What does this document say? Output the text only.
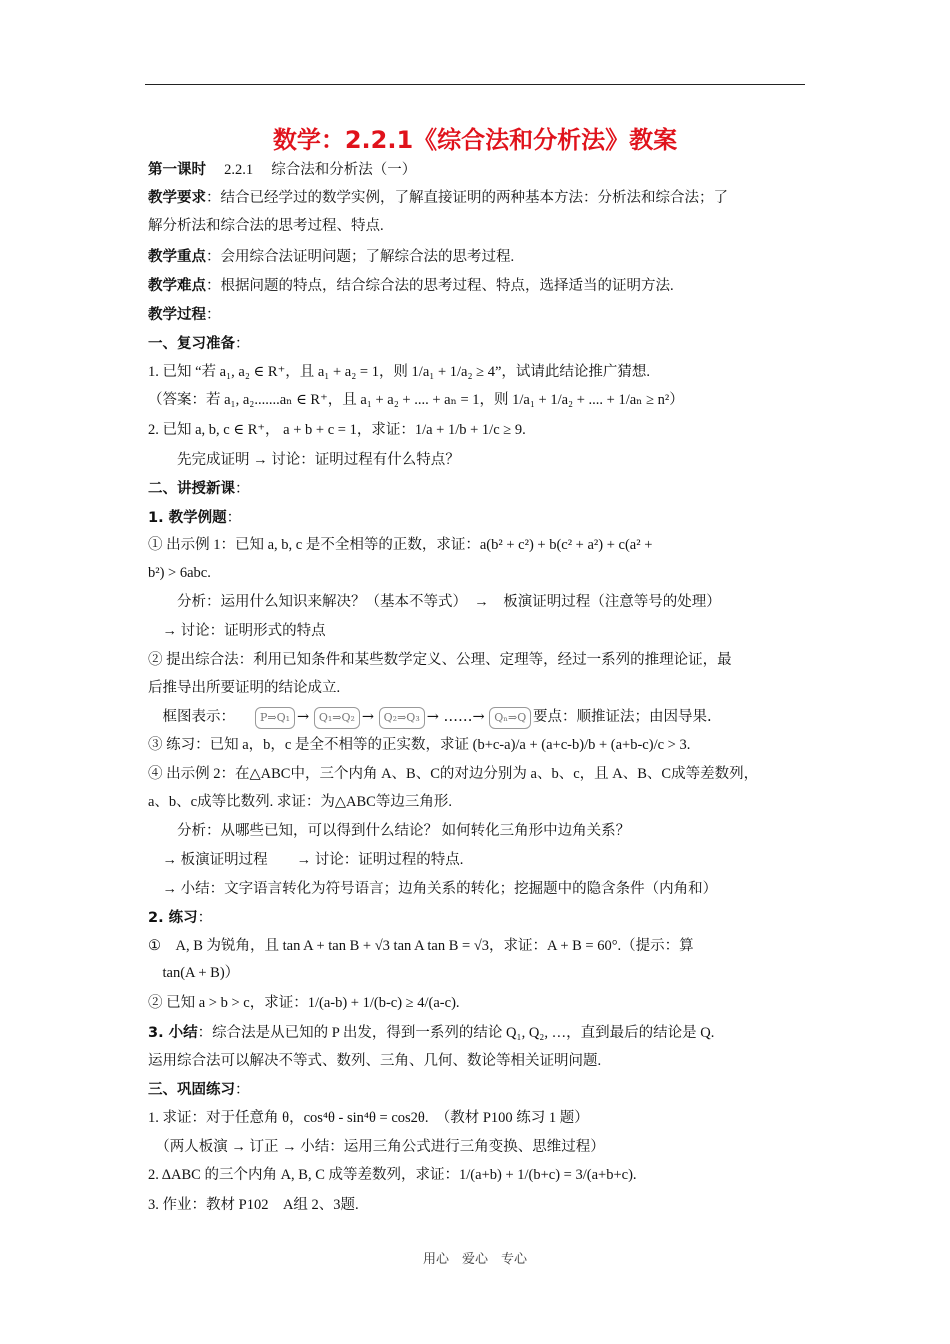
数学：2.2.1《综合法和分析法》教案
第一课时　 2.2.1　 综合法和分析法（一）
教学要求：结合已经学过的数学实例，了解直接证明的两种基本方法：分析法和综合法；了
解分析法和综合法的思考过程、特点.
教学重点：会用综合法证明问题；了解综合法的思考过程.
教学难点：根据问题的特点，结合综合法的思考过程、特点，选择适当的证明方法.
教学过程：
一、复习准备：
1. 已知 “若 a₁, a₂ ∈ R⁺，且 a₁ + a₂ = 1，则 1/a₁ + 1/a₂ ≥ 4”，试请此结论推广猜想.
（答案：若 a₁, a₂.......aₙ ∈ R⁺，且 a₁ + a₂ + .... + aₙ = 1，则 1/a₁ + 1/a₂ + .... + 1/aₙ ≥ n²）
2. 已知 a, b, c ∈ R⁺， a + b + c = 1，求证：1/a + 1/b + 1/c ≥ 9.
　　先完成证明 → 讨论：证明过程有什么特点？
二、讲授新课：
1. 教学例题：
① 出示例 1：已知 a, b, c 是不全相等的正数，求证：a(b² + c²) + b(c² + a²) + c(a² +
b²) > 6abc.
　　分析：运用什么知识来解决？（基本不等式）　→　板演证明过程（注意等号的处理）
　→ 讨论：证明形式的特点
② 提出综合法：利用已知条件和某些数学定义、公理、定理等，经过一系列的推理论证，最
后推导出所要证明的结论成立.
　框图表示：
③ 练习：已知 a，b，c 是全不相等的正实数，求证 (b+c-a)/a + (a+c-b)/b + (a+b-c)/c > 3.
④ 出示例 2：在△ABC中，三个内角 A、B、C的对边分别为 a、b、c，且 A、B、C成等差数列，
a、b、c成等比数列. 求证：为△ABC等边三角形.
　　分析：从哪些已知，可以得到什么结论？ 如何转化三角形中边角关系？
　→ 板演证明过程　　→ 讨论：证明过程的特点.
　→ 小结：文字语言转化为符号语言；边角关系的转化；挖掘题中的隐含条件（内角和）
2. 练习：
①　A, B 为锐角，且 tan A + tan B + √3 tan A tan B = √3，求证：A + B = 60°.（提示：算
　tan(A + B)）
② 已知 a > b > c，求证：1/(a-b) + 1/(b-c) ≥ 4/(a-c).
3. 小结：综合法是从已知的 P 出发，得到一系列的结论 Q₁, Q₂, …，直到最后的结论是 Q.
运用综合法可以解决不等式、数列、三角、几何、数论等相关证明问题.
三、巩固练习：
1. 求证：对于任意角 θ，cos⁴θ - sin⁴θ = cos2θ.　（教材 P100 练习 1 题）
　（两人板演 → 订正 → 小结：运用三角公式进行三角变换、思维过程）
2. ΔABC 的三个内角 A, B, C 成等差数列，求证：1/(a+b) + 1/(b+c) = 3/(a+b+c).
3. 作业：教材 P102　A组 2、3题.
P⇒Q₁ → Q₁⇒Q₂ → Q₂⇒Q₃ → ……→ Qₙ⇒Q 要点：顺推证法；由因导果.
用心　爱心　专心
